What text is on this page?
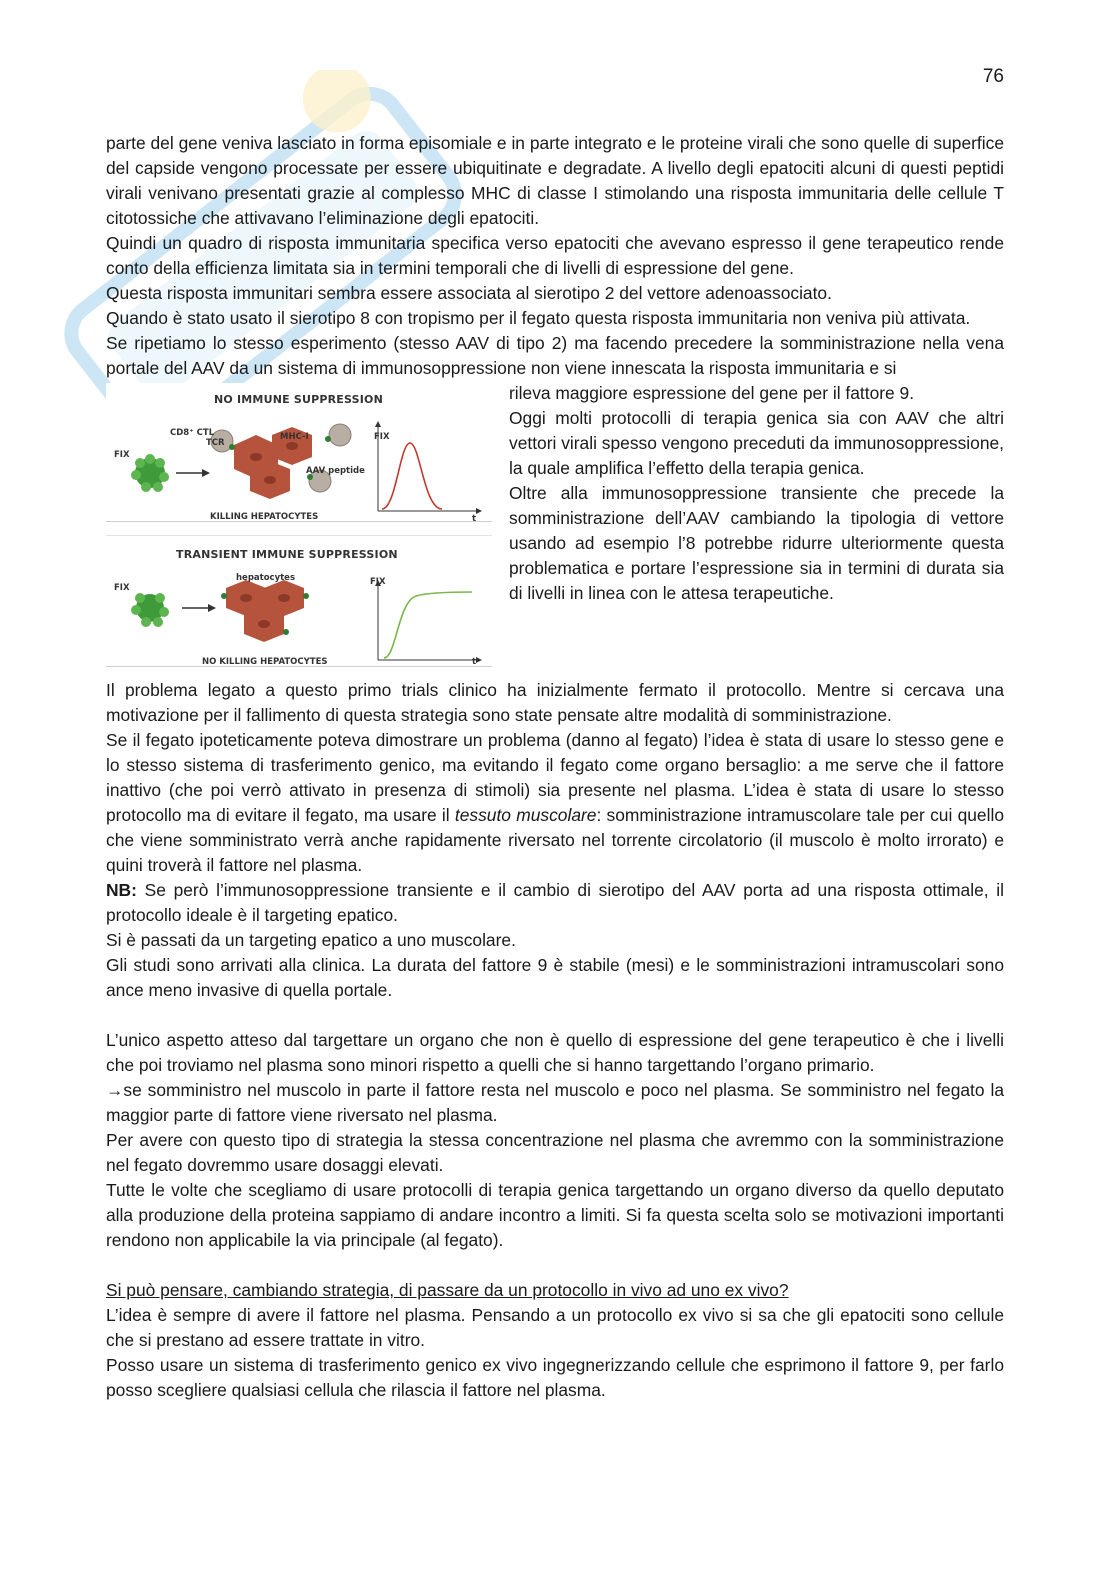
76

parte del gene veniva lasciato in forma episomiale e in parte integrato e le proteine virali che sono quelle di superfice del capside vengono processate per essere ubiquitinate e degradate. A livello degli epatociti alcuni di questi peptidi virali venivano presentati grazie al complesso MHC di classe I stimolando una risposta immunitaria delle cellule T citotossiche che attivavano l’eliminazione degli epatociti.

Quindi un quadro di risposta immunitaria specifica verso epatociti che avevano espresso il gene terapeutico rende conto della efficienza limitata sia in termini temporali che di livelli di espressione del gene.

Questa risposta immunitari sembra essere associata al sierotipo 2 del vettore adenoassociato.

Quando è stato usato il sierotipo 8 con tropismo per il fegato questa risposta immunitaria non veniva più attivata.

Se ripetiamo lo stesso esperimento (stesso AAV di tipo 2) ma facendo precedere la somministrazione nella vena portale del AAV da un sistema di immunosoppressione non viene innescata la risposta immunitaria e si

NO IMMUNE SUPPRESSION
CD8⁺ CTL
TCR
MHC-I
AAV peptide
FIX
FIX
t
KILLING HEPATOCYTES
TRANSIENT IMMUNE SUPPRESSION
hepatocytes
FIX
FIX
t
NO KILLING HEPATOCYTES

rileva maggiore espressione del gene per il fattore 9.

Oggi molti protocolli di terapia genica sia con AAV che altri vettori virali spesso vengono preceduti da immunosoppressione, la quale amplifica l’effetto della terapia genica.

Oltre alla immunosoppressione transiente che precede la somministrazione dell’AAV cambiando la tipologia di vettore usando ad esempio l’8 potrebbe ridurre ulteriormente questa problematica e portare l’espressione sia in termini di durata sia di livelli in linea con le attesa terapeutiche.

Il problema legato a questo primo trials clinico ha inizialmente fermato il protocollo. Mentre si cercava una motivazione per il fallimento di questa strategia sono state pensate altre modalità di somministrazione.

Se il fegato ipoteticamente poteva dimostrare un problema (danno al fegato) l’idea è stata di usare lo stesso gene e lo stesso sistema di trasferimento genico, ma evitando il fegato come organo bersaglio: a me serve che il fattore inattivo (che poi verrò attivato in presenza di stimoli) sia presente nel plasma. L’idea è stata di usare lo stesso protocollo ma di evitare il fegato, ma usare il tessuto muscolare: somministrazione intramuscolare tale per cui quello che viene somministrato verrà anche rapidamente riversato nel torrente circolatorio (il muscolo è molto irrorato) e quini troverà il fattore nel plasma.

NB: Se però l’immunosoppressione transiente e il cambio di sierotipo del AAV porta ad una risposta ottimale, il protocollo ideale è il targeting epatico.

Si è passati da un targeting epatico a uno muscolare.

Gli studi sono arrivati alla clinica. La durata del fattore 9 è stabile (mesi) e le somministrazioni intramuscolari sono ance meno invasive di quella portale.

L’unico aspetto atteso dal targettare un organo che non è quello di espressione del gene terapeutico è che i livelli che poi troviamo nel plasma sono minori rispetto a quelli che si hanno targettando l’organo primario.

→se somministro nel muscolo in parte il fattore resta nel muscolo e poco nel plasma. Se somministro nel fegato la maggior parte di fattore viene riversato nel plasma.

Per avere con questo tipo di strategia la stessa concentrazione nel plasma che avremmo con la somministrazione nel fegato dovremmo usare dosaggi elevati.

Tutte le volte che scegliamo di usare protocolli di terapia genica targettando un organo diverso da quello deputato alla produzione della proteina sappiamo di andare incontro a limiti. Si fa questa scelta solo se motivazioni importanti rendono non applicabile la via principale (al fegato).

Si può pensare, cambiando strategia, di passare da un protocollo in vivo ad uno ex vivo?

L’idea è sempre di avere il fattore nel plasma. Pensando a un protocollo ex vivo si sa che gli epatociti sono cellule che si prestano ad essere trattate in vitro.

Posso usare un sistema di trasferimento genico ex vivo ingegnerizzando cellule che esprimono il fattore 9, per farlo posso scegliere qualsiasi cellula che rilascia il fattore nel plasma.
